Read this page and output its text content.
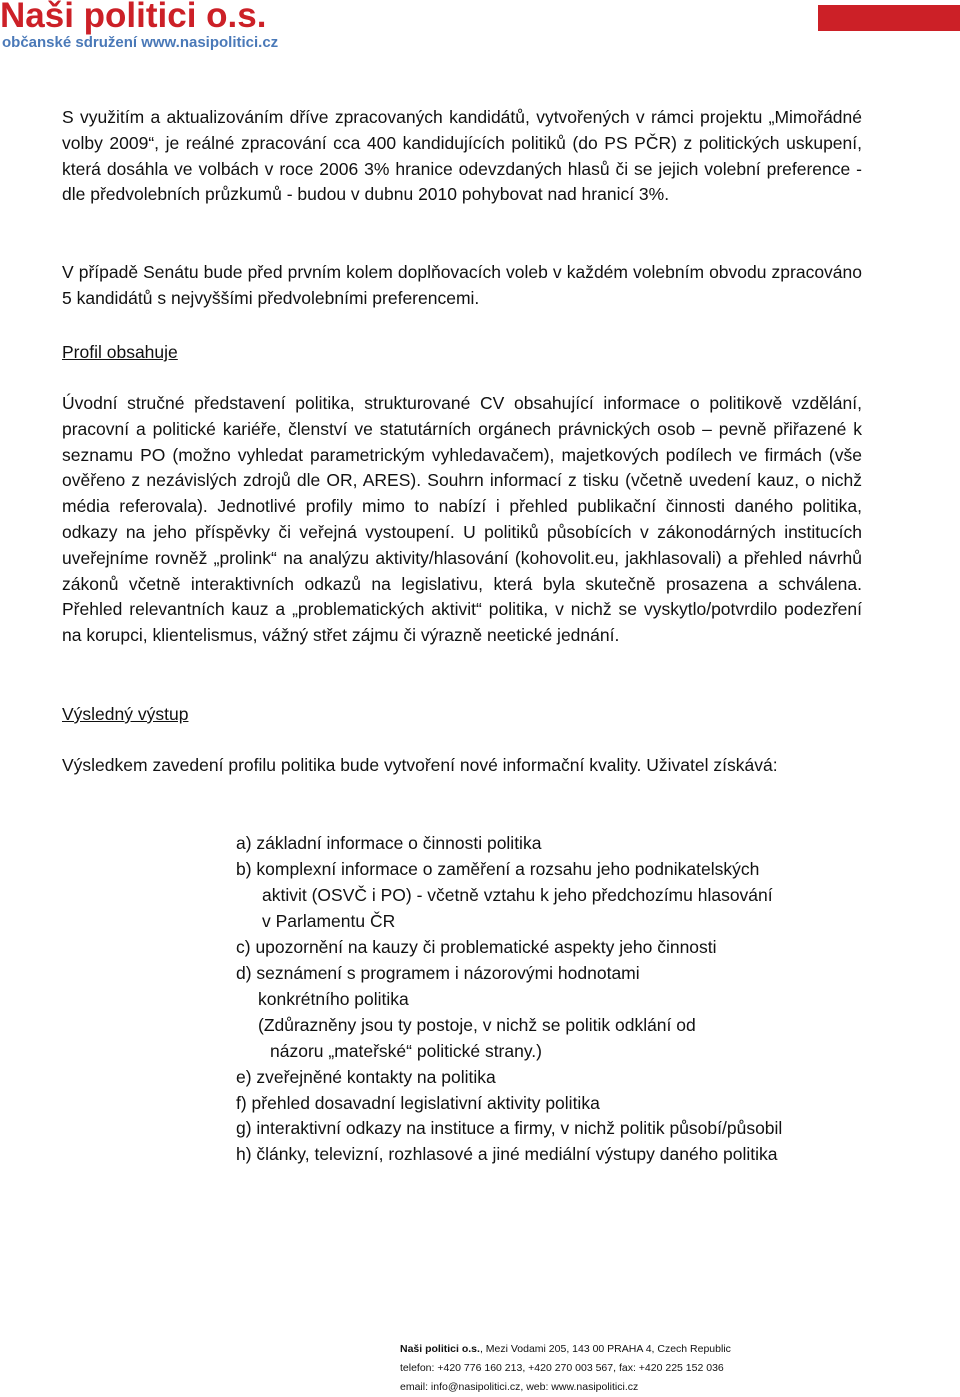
Naši politici o.s.
občanské sdružení www.nasipolitici.cz
S využitím a aktualizováním dříve zpracovaných kandidátů, vytvořených v rámci projektu „Mimořádné volby 2009“, je reálné zpracování cca 400 kandidujících politiků (do PS PČR) z politických uskupení, která dosáhla ve volbách v roce 2006 3% hranice odevzdaných hlasů či se jejich volební preference - dle předvolebních průzkumů - budou v dubnu 2010 pohybovat nad hranicí 3%.
V případě Senátu bude před prvním kolem doplňovacích voleb v každém volebním obvodu zpracováno 5 kandidátů s nejvyššími předvolebními preferencemi.
Profil obsahuje
Úvodní stručné představení politika, strukturované CV obsahující informace o politikově vzdělání, pracovní a politické kariéře, členství ve statutárních orgánech právnických osob – pevně přiřazené k seznamu PO (možno vyhledat parametrickým vyhledavačem), majetkových podílech ve firmách (vše ověřeno z nezávislých zdrojů dle OR, ARES). Souhrn informací z tisku (včetně uvedení kauz, o nichž média referovala). Jednotlivé profily mimo to nabízí i přehled publikační činnosti daného politika, odkazy na jeho příspěvky či veřejná vystoupení. U politiků působících v zákonodárných institucích uveřejníme rovněž „prolink“ na analýzu aktivity/hlasování (kohovolit.eu, jakhlasovali) a přehled návrhů zákonů včetně interaktivních odkazů na legislativu, která byla skutečně prosazena a schválena. Přehled relevantních kauz a „problematických aktivit“ politika, v nichž se vyskytlo/potvrdilo podezření na korupci, klientelismus, vážný střet zájmu či výrazně neetické jednání.
Výsledný výstup
Výsledkem zavedení profilu politika bude vytvoření nové informační kvality. Uživatel získává:
a) základní informace o činnosti politika
b) komplexní informace o zaměření a rozsahu jeho podnikatelských
aktivit (OSVČ i PO) - včetně vztahu k jeho předchozímu hlasování
v Parlamentu ČR
c) upozornění na kauzy či problematické aspekty jeho činnosti
d) seznámení s programem i názorovými hodnotami
konkrétního politika
(Zdůrazněny jsou ty postoje, v nichž se politik odklání od
názoru „mateřské“ politické strany.)
e) zveřejněné kontakty na politika
f) přehled dosavadní legislativní aktivity politika
g) interaktivní odkazy na instituce a firmy, v nichž politik působí/působil
h) články, televizní, rozhlasové a jiné mediální výstupy daného politika
Naši politici o.s., Mezi Vodami 205, 143 00 PRAHA 4, Czech Republic
telefon: +420 776 160 213, +420 270 003 567, fax: +420 225 152 036
email: info@nasipolitici.cz, web: www.nasipolitici.cz
